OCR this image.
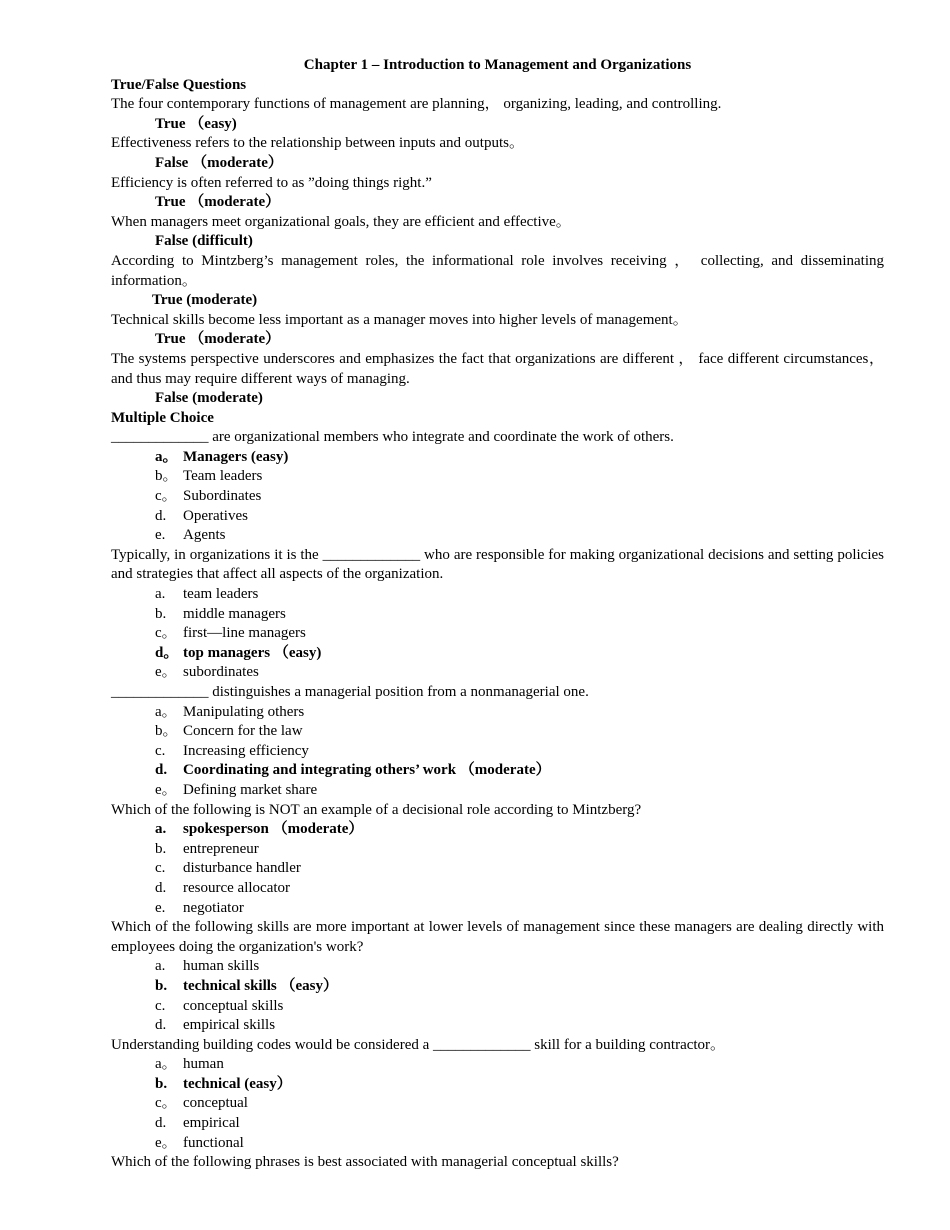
Chapter 1 – Introduction to Management and Organizations
True/False Questions
The four contemporary functions of management are planning， organizing, leading, and controlling.
True （easy)
Effectiveness refers to the relationship between inputs and outputs。
False （moderate）
Efficiency is often referred to as ”doing things right.”
True （moderate）
When managers meet organizational goals, they are efficient and effective。
False (difficult)
According to Mintzberg’s management roles, the informational role involves receiving ， collecting, and disseminating information。
True (moderate)
Technical skills become less important as a manager moves into higher levels of management。
True （moderate）
The systems perspective underscores and emphasizes the fact that organizations are different ， face different circumstances， and thus may require different ways of managing.
False (moderate)
Multiple Choice
_____________ are organizational members who integrate and coordinate the work of others.
a。 Managers (easy)
b。 Team leaders
c。 Subordinates
d.	Operatives
e.	Agents
Typically, in organizations it is the _____________ who are responsible for making organizational decisions and setting policies and strategies that affect all aspects of the organization.
a.	team leaders
b.	middle managers
c。 first—line managers
d。 top managers （easy)
e。 subordinates
_____________ distinguishes a managerial position from a nonmanagerial one.
a。 Manipulating others
b。 Concern for the law
c.	Increasing efficiency
d.	Coordinating and integrating others’ work （moderate）
e。 Defining market share
Which of the following is NOT an example of a decisional role according to Mintzberg?
a.	spokesperson （moderate）
b.	entrepreneur
c.	disturbance handler
d.	resource allocator
e.	negotiator
Which of the following skills are more important at lower levels of management since these managers are dealing directly with employees doing the organization's work?
a.	human skills
b.	technical skills （easy）
c.	conceptual skills
d.	empirical skills
Understanding building codes would be considered a _____________ skill for a building contractor。
a。 human
b.	technical (easy）
c。 conceptual
d.	empirical
e。 functional
Which of the following phrases is best associated with managerial conceptual skills?
